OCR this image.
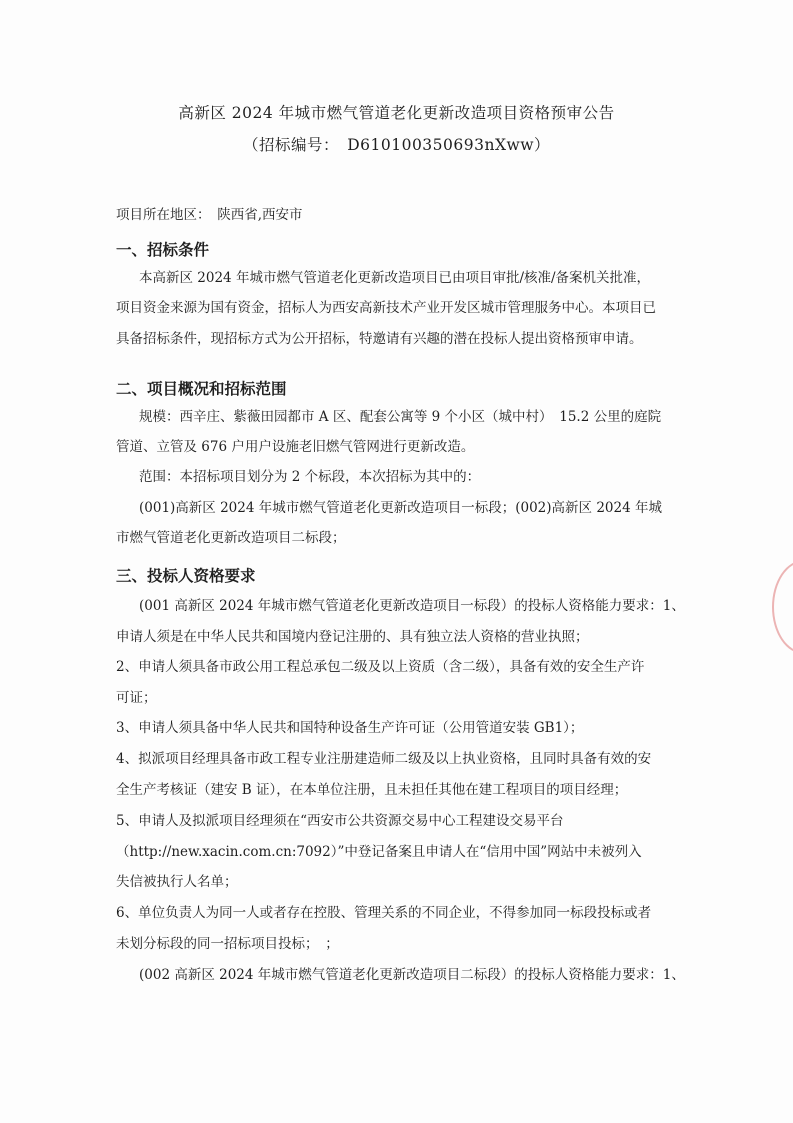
高新区 2024 年城市燃气管道老化更新改造项目资格预审公告
（招标编号：　D610100350693nXww）
项目所在地区：　陕西省,西安市
一、招标条件
本高新区 2024 年城市燃气管道老化更新改造项目已由项目审批/核准/备案机关批准，
项目资金来源为国有资金，招标人为西安高新技术产业开发区城市管理服务中心。本项目已
具备招标条件，现招标方式为公开招标，特邀请有兴趣的潜在投标人提出资格预审申请。
二、项目概况和招标范围
规模：西辛庄、紫薇田园都市 A 区、配套公寓等 9 个小区（城中村）　15.2 公里的庭院
管道、立管及 676 户用户设施老旧燃气管网进行更新改造。
范围：本招标项目划分为 2 个标段，本次招标为其中的：
(001)高新区 2024 年城市燃气管道老化更新改造项目一标段；(002)高新区 2024 年城
市燃气管道老化更新改造项目二标段；
三、投标人资格要求
(001 高新区 2024 年城市燃气管道老化更新改造项目一标段）的投标人资格能力要求：1、
申请人须是在中华人民共和国境内登记注册的、具有独立法人资格的营业执照；
2、申请人须具备市政公用工程总承包二级及以上资质（含二级），具备有效的安全生产许
可证；
3、申请人须具备中华人民共和国特种设备生产许可证（公用管道安装 GB1）；
4、拟派项目经理具备市政工程专业注册建造师二级及以上执业资格，且同时具备有效的安
全生产考核证（建安 B 证），在本单位注册，且未担任其他在建工程项目的项目经理；
5、申请人及拟派项目经理须在“西安市公共资源交易中心工程建设交易平台
（http://new.xacin.com.cn:7092）”中登记备案且申请人在“信用中国”网站中未被列入
失信被执行人名单；
6、单位负责人为同一人或者存在控股、管理关系的不同企业，不得参加同一标段投标或者
未划分标段的同一招标项目投标；　；
(002 高新区 2024 年城市燃气管道老化更新改造项目二标段）的投标人资格能力要求：1、
